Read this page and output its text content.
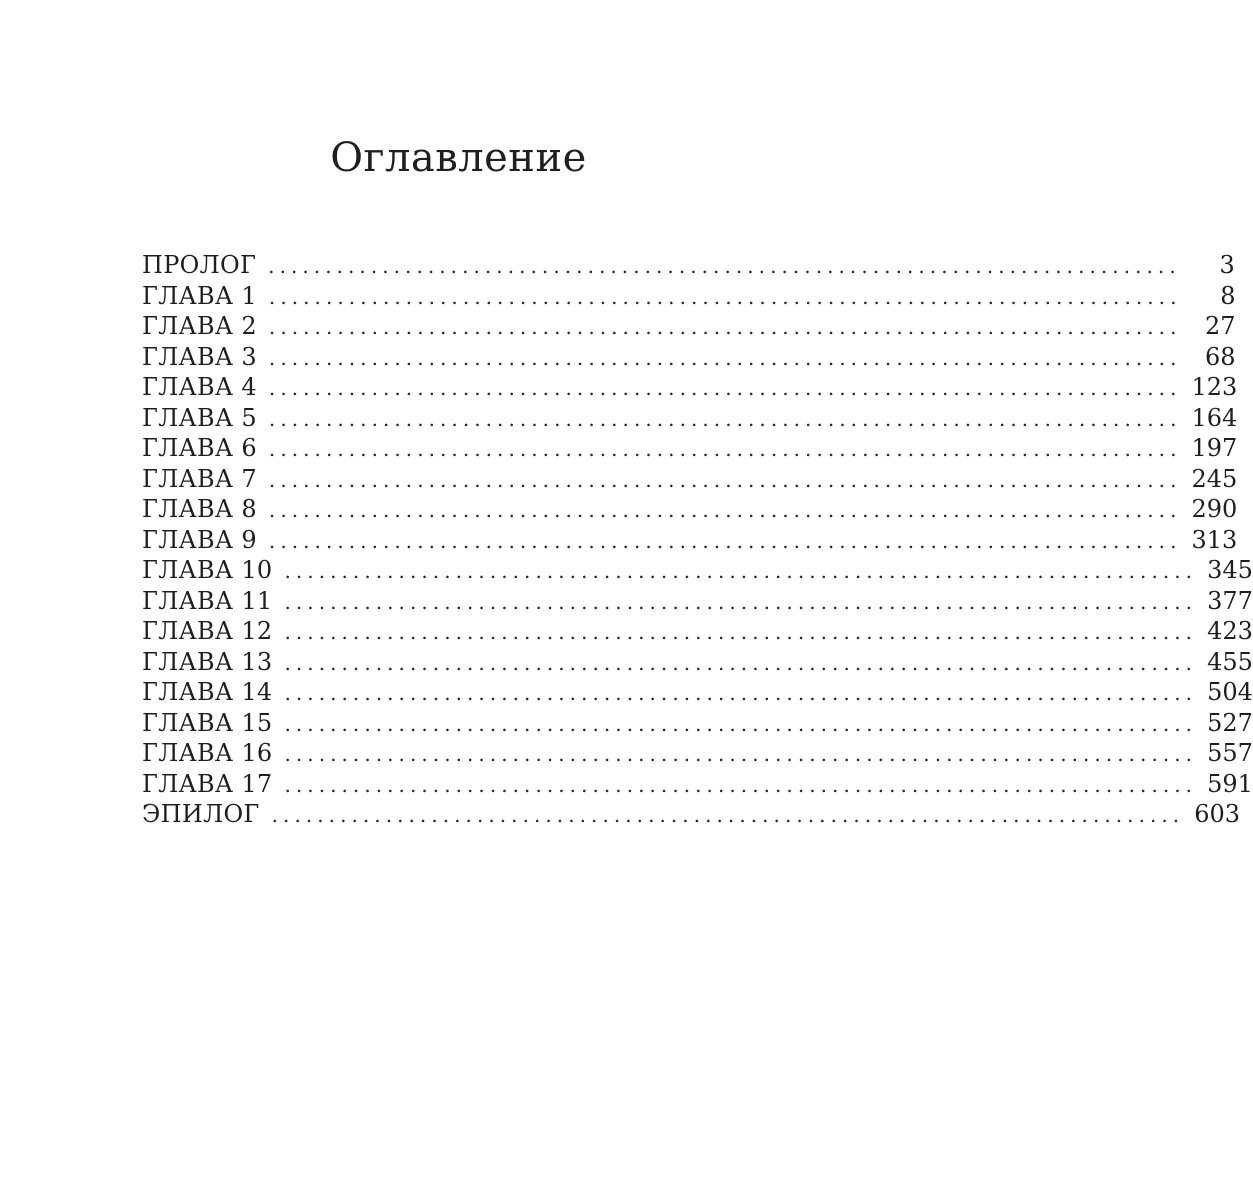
Оглавление
ПРОЛОГ ................................................................................	3
ГЛАВА 1 ................................................................................	8
ГЛАВА 2 ................................................................................ 27
ГЛАВА 3 ................................................................................ 68
ГЛАВА 4 ................................................................................ 123
ГЛАВА 5 ................................................................................ 164
ГЛАВА 6 ................................................................................ 197
ГЛАВА 7 ................................................................................ 245
ГЛАВА 8 ................................................................................ 290
ГЛАВА 9 ................................................................................ 313
ГЛАВА 10 ................................................................................ 345
ГЛАВА 11 ................................................................................ 377
ГЛАВА 12 ................................................................................ 423
ГЛАВА 13 ................................................................................ 455
ГЛАВА 14 ................................................................................ 504
ГЛАВА 15 ................................................................................ 527
ГЛАВА 16 ................................................................................ 557
ГЛАВА 17 ................................................................................ 591
ЭПИЛОГ ................................................................................ 603
